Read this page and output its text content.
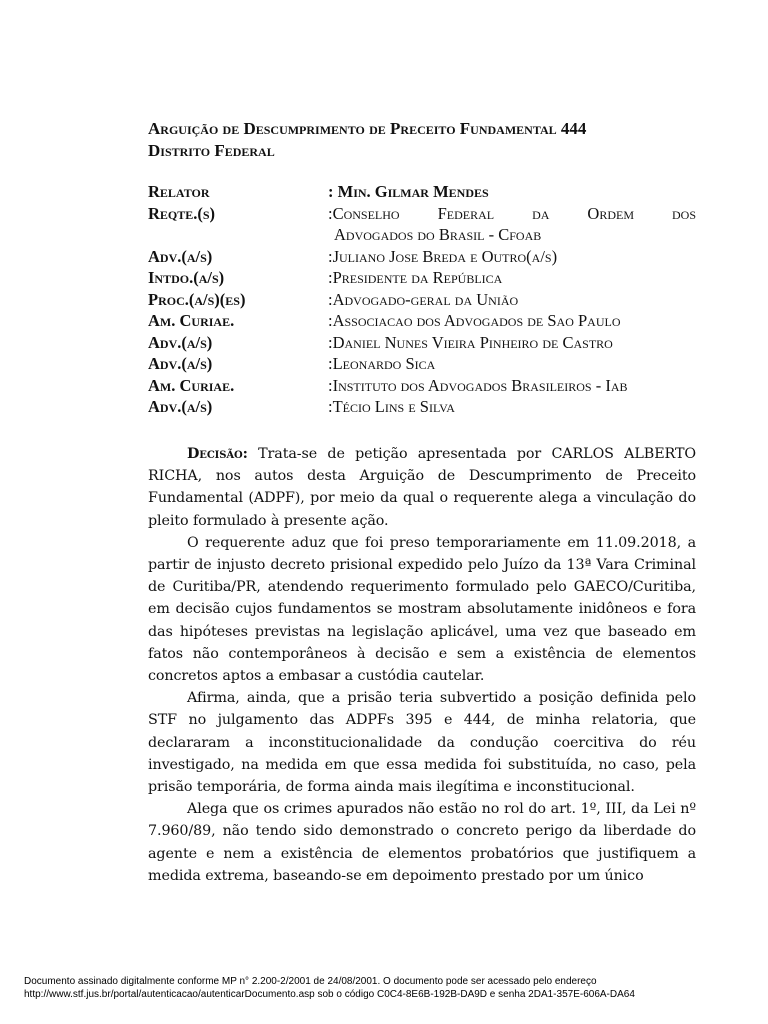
Arguição de Descumprimento de Preceito Fundamental 444
Distrito Federal
Relator	: Min. Gilmar Mendes
Reqte.(s)	:Conselho Federal da Ordem dos
Advogados do Brasil - Cfoab
Adv.(a/s)	:Juliano Jose Breda e Outro(a/s)
Intdo.(a/s)	:Presidente da República
Proc.(a/s)(es)	:Advogado-geral da União
Am. Curiae.	:Associacao dos Advogados de Sao Paulo
Adv.(a/s)	:Daniel Nunes Vieira Pinheiro de Castro
Adv.(a/s)	:Leonardo Sica
Am. Curiae.	:Instituto dos Advogados Brasileiros - Iab
Adv.(a/s)	:Técio Lins e Silva

Decisão: Trata-se de petição apresentada por CARLOS ALBERTO RICHA, nos autos desta Arguição de Descumprimento de Preceito Fundamental (ADPF), por meio da qual o requerente alega a vinculação do pleito formulado à presente ação.

O requerente aduz que foi preso temporariamente em 11.09.2018, a partir de injusto decreto prisional expedido pelo Juízo da 13ª Vara Criminal de Curitiba/PR, atendendo requerimento formulado pelo GAECO/Curitiba, em decisão cujos fundamentos se mostram absolutamente inidôneos e fora das hipóteses previstas na legislação aplicável, uma vez que baseado em fatos não contemporâneos à decisão e sem a existência de elementos concretos aptos a embasar a custódia cautelar.

Afirma, ainda, que a prisão teria subvertido a posição definida pelo STF no julgamento das ADPFs 395 e 444, de minha relatoria, que declararam a inconstitucionalidade da condução coercitiva do réu investigado, na medida em que essa medida foi substituída, no caso, pela prisão temporária, de forma ainda mais ilegítima e inconstitucional.

Alega que os crimes apurados não estão no rol do art. 1º, III, da Lei nº 7.960/89, não tendo sido demonstrado o concreto perigo da liberdade do agente e nem a existência de elementos probatórios que justifiquem a medida extrema, baseando-se em depoimento prestado por um único

Documento assinado digitalmente conforme MP n° 2.200-2/2001 de 24/08/2001. O documento pode ser acessado pelo endereço
http://www.stf.jus.br/portal/autenticacao/autenticarDocumento.asp sob o código C0C4-8E6B-192B-DA9D e senha 2DA1-357E-606A-DA64
